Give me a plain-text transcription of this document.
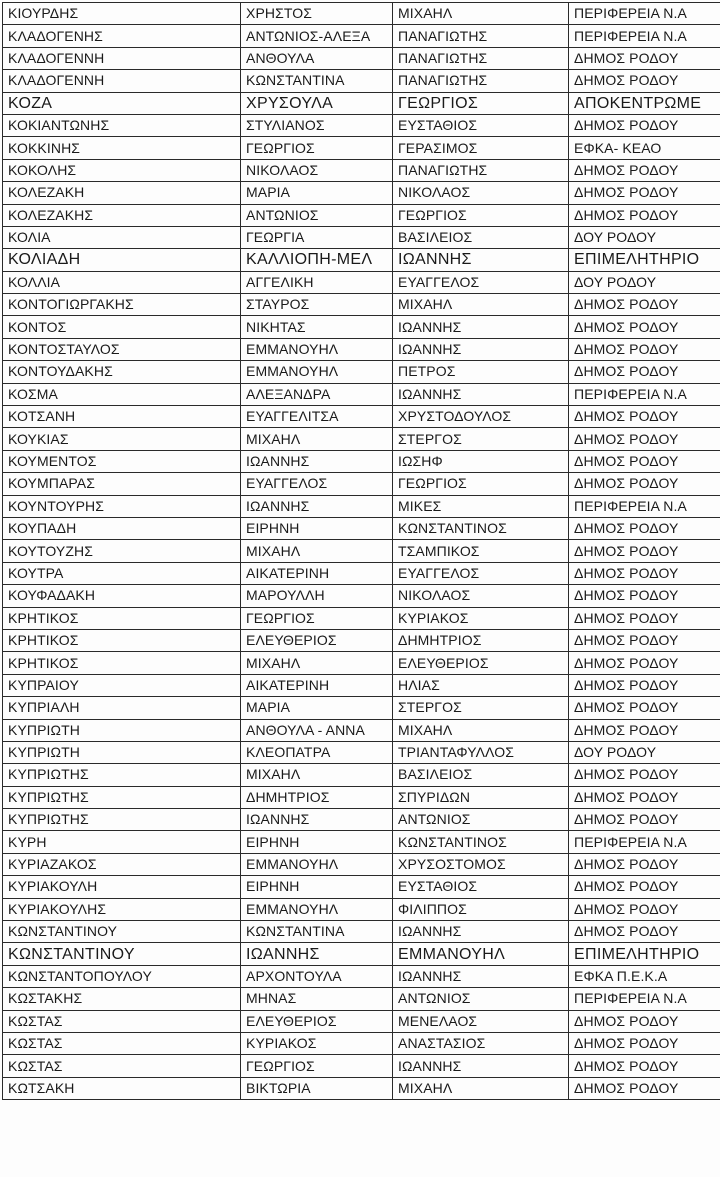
ΚΙΟΥΡΔΗΣ	ΧΡΗΣΤΟΣ	ΜΙΧΑΗΛ	ΠΕΡΙΦΕΡΕΙΑ Ν.Α
ΚΛΑΔΟΓΕΝΗΣ	ΑΝΤΩΝΙΟΣ-ΑΛΕΞΑ	ΠΑΝΑΓΙΩΤΗΣ	ΠΕΡΙΦΕΡΕΙΑ Ν.Α
ΚΛΑΔΟΓΕΝΝΗ	ΑΝΘΟΥΛΑ	ΠΑΝΑΓΙΩΤΗΣ	ΔΗΜΟΣ ΡΟΔΟΥ
ΚΛΑΔΟΓΕΝΝΗ	ΚΩΝΣΤΑΝΤΙΝΑ	ΠΑΝΑΓΙΩΤΗΣ	ΔΗΜΟΣ ΡΟΔΟΥ
ΚΟΖΑ	ΧΡΥΣΟΥΛΑ	ΓΕΩΡΓΙΟΣ	ΑΠΟΚΕΝΤΡΩΜΕ
ΚΟΚΙΑΝΤΩΝΗΣ	ΣΤΥΛΙΑΝΟΣ	ΕΥΣΤΑΘΙΟΣ	ΔΗΜΟΣ ΡΟΔΟΥ
ΚΟΚΚΙΝΗΣ	ΓΕΩΡΓΙΟΣ	ΓΕΡΑΣΙΜΟΣ	ΕΦΚΑ- ΚΕΑΟ
ΚΟΚΟΛΗΣ	ΝΙΚΟΛΑΟΣ	ΠΑΝΑΓΙΩΤΗΣ	ΔΗΜΟΣ ΡΟΔΟΥ
ΚΟΛΕΖΑΚΗ	ΜΑΡΙΑ	ΝΙΚΟΛΑΟΣ	ΔΗΜΟΣ ΡΟΔΟΥ
ΚΟΛΕΖΑΚΗΣ	ΑΝΤΩΝΙΟΣ	ΓΕΩΡΓΙΟΣ	ΔΗΜΟΣ ΡΟΔΟΥ
ΚΟΛΙΑ	ΓΕΩΡΓΙΑ	ΒΑΣΙΛΕΙΟΣ	ΔΟΥ ΡΟΔΟΥ
ΚΟΛΙΑΔΗ	ΚΑΛΛΙΟΠΗ-ΜΕΛ	ΙΩΑΝΝΗΣ	ΕΠΙΜΕΛΗΤΗΡΙΟ
ΚΟΛΛΙΑ	ΑΓΓΕΛΙΚΗ	ΕΥΑΓΓΕΛΟΣ	ΔΟΥ ΡΟΔΟΥ
ΚΟΝΤΟΓΙΩΡΓΑΚΗΣ	ΣΤΑΥΡΟΣ	ΜΙΧΑΗΛ	ΔΗΜΟΣ ΡΟΔΟΥ
ΚΟΝΤΟΣ	ΝΙΚΗΤΑΣ	ΙΩΑΝΝΗΣ	ΔΗΜΟΣ ΡΟΔΟΥ
ΚΟΝΤΟΣΤΑΥΛΟΣ	ΕΜΜΑΝΟΥΗΛ	ΙΩΑΝΝΗΣ	ΔΗΜΟΣ ΡΟΔΟΥ
ΚΟΝΤΟΥΔΑΚΗΣ	ΕΜΜΑΝΟΥΗΛ	ΠΕΤΡΟΣ	ΔΗΜΟΣ ΡΟΔΟΥ
ΚΟΣΜΑ	ΑΛΕΞΑΝΔΡΑ	ΙΩΑΝΝΗΣ	ΠΕΡΙΦΕΡΕΙΑ Ν.Α
ΚΟΤΣΑΝΗ	ΕΥΑΓΓΕΛΙΤΣΑ	ΧΡΥΣΤΟΔΟΥΛΟΣ	ΔΗΜΟΣ ΡΟΔΟΥ
ΚΟΥΚΙΑΣ	ΜΙΧΑΗΛ	ΣΤΕΡΓΟΣ	ΔΗΜΟΣ ΡΟΔΟΥ
ΚΟΥΜΕΝΤΟΣ	ΙΩΑΝΝΗΣ	ΙΩΣΗΦ	ΔΗΜΟΣ ΡΟΔΟΥ
ΚΟΥΜΠΑΡΑΣ	ΕΥΑΓΓΕΛΟΣ	ΓΕΩΡΓΙΟΣ	ΔΗΜΟΣ ΡΟΔΟΥ
ΚΟΥΝΤΟΥΡΗΣ	ΙΩΑΝΝΗΣ	ΜΙΚΕΣ	ΠΕΡΙΦΕΡΕΙΑ Ν.Α
ΚΟΥΠΑΔΗ	ΕΙΡΗΝΗ	ΚΩΝΣΤΑΝΤΙΝΟΣ	ΔΗΜΟΣ ΡΟΔΟΥ
ΚΟΥΤΟΥΖΗΣ	ΜΙΧΑΗΛ	ΤΣΑΜΠΙΚΟΣ	ΔΗΜΟΣ ΡΟΔΟΥ
ΚΟΥΤΡΑ	ΑΙΚΑΤΕΡΙΝΗ	ΕΥΑΓΓΕΛΟΣ	ΔΗΜΟΣ ΡΟΔΟΥ
ΚΟΥΦΑΔΑΚΗ	ΜΑΡΟΥΛΛΗ	ΝΙΚΟΛΑΟΣ	ΔΗΜΟΣ ΡΟΔΟΥ
ΚΡΗΤΙΚΟΣ	ΓΕΩΡΓΙΟΣ	ΚΥΡΙΑΚΟΣ	ΔΗΜΟΣ ΡΟΔΟΥ
ΚΡΗΤΙΚΟΣ	ΕΛΕΥΘΕΡΙΟΣ	ΔΗΜΗΤΡΙΟΣ	ΔΗΜΟΣ ΡΟΔΟΥ
ΚΡΗΤΙΚΟΣ	ΜΙΧΑΗΛ	ΕΛΕΥΘΕΡΙΟΣ	ΔΗΜΟΣ ΡΟΔΟΥ
ΚΥΠΡΑΙΟΥ	ΑΙΚΑΤΕΡΙΝΗ	ΗΛΙΑΣ	ΔΗΜΟΣ ΡΟΔΟΥ
ΚΥΠΡΙΑΛΗ	ΜΑΡΙΑ	ΣΤΕΡΓΟΣ	ΔΗΜΟΣ ΡΟΔΟΥ
ΚΥΠΡΙΩΤΗ	ΑΝΘΟΥΛΑ - ΑΝΝΑ	ΜΙΧΑΗΛ	ΔΗΜΟΣ ΡΟΔΟΥ
ΚΥΠΡΙΩΤΗ	ΚΛΕΟΠΑΤΡΑ	ΤΡΙΑΝΤΑΦΥΛΛΟΣ	ΔΟΥ ΡΟΔΟΥ
ΚΥΠΡΙΩΤΗΣ	ΜΙΧΑΗΛ	ΒΑΣΙΛΕΙΟΣ	ΔΗΜΟΣ ΡΟΔΟΥ
ΚΥΠΡΙΩΤΗΣ	ΔΗΜΗΤΡΙΟΣ	ΣΠΥΡΙΔΩΝ	ΔΗΜΟΣ ΡΟΔΟΥ
ΚΥΠΡΙΩΤΗΣ	ΙΩΑΝΝΗΣ	ΑΝΤΩΝΙΟΣ	ΔΗΜΟΣ ΡΟΔΟΥ
ΚΥΡΗ	ΕΙΡΗΝΗ	ΚΩΝΣΤΑΝΤΙΝΟΣ	ΠΕΡΙΦΕΡΕΙΑ Ν.Α
ΚΥΡΙΑΖΑΚΟΣ	ΕΜΜΑΝΟΥΗΛ	ΧΡΥΣΟΣΤΟΜΟΣ	ΔΗΜΟΣ ΡΟΔΟΥ
ΚΥΡΙΑΚΟΥΛΗ	ΕΙΡΗΝΗ	ΕΥΣΤΑΘΙΟΣ	ΔΗΜΟΣ ΡΟΔΟΥ
ΚΥΡΙΑΚΟΥΛΗΣ	ΕΜΜΑΝΟΥΗΛ	ΦΙΛΙΠΠΟΣ	ΔΗΜΟΣ ΡΟΔΟΥ
ΚΩΝΣΤΑΝΤΙΝΟΥ	ΚΩΝΣΤΑΝΤΙΝΑ	ΙΩΑΝΝΗΣ	ΔΗΜΟΣ ΡΟΔΟΥ
ΚΩΝΣΤΑΝΤΙΝΟΥ	ΙΩΑΝΝΗΣ	ΕΜΜΑΝΟΥΗΛ	ΕΠΙΜΕΛΗΤΗΡΙΟ
ΚΩΝΣΤΑΝΤΟΠΟΥΛΟΥ	ΑΡΧΟΝΤΟΥΛΑ	ΙΩΑΝΝΗΣ	ΕΦΚΑ Π.Ε.Κ.Α
ΚΩΣΤΑΚΗΣ	ΜΗΝΑΣ	ΑΝΤΩΝΙΟΣ	ΠΕΡΙΦΕΡΕΙΑ Ν.Α
ΚΩΣΤΑΣ	ΕΛΕΥΘΕΡΙΟΣ	ΜΕΝΕΛΑΟΣ	ΔΗΜΟΣ ΡΟΔΟΥ
ΚΩΣΤΑΣ	ΚΥΡΙΑΚΟΣ	ΑΝΑΣΤΑΣΙΟΣ	ΔΗΜΟΣ ΡΟΔΟΥ
ΚΩΣΤΑΣ	ΓΕΩΡΓΙΟΣ	ΙΩΑΝΝΗΣ	ΔΗΜΟΣ ΡΟΔΟΥ
ΚΩΤΣΑΚΗ	ΒΙΚΤΩΡΙΑ	ΜΙΧΑΗΛ	ΔΗΜΟΣ ΡΟΔΟΥ
